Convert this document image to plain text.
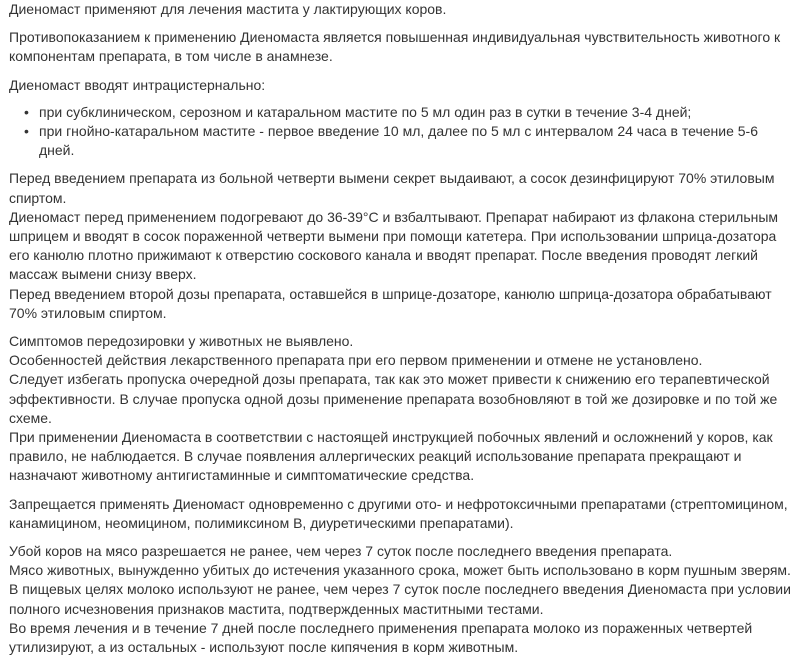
Диеномаст применяют для лечения мастита у лактирующих коров.

Противопоказанием к применению Диеномаста является повышенная индивидуальная чувствительность животного к компонентам препарата, в том числе в анамнезе.

Диеномаст вводят интрацистернально:

• при субклиническом, серозном и катаральном мастите по 5 мл один раз в сутки в течение 3-4 дней;
• при гнойно-катаральном мастите - первое введение 10 мл, далее по 5 мл с интервалом 24 часа в течение 5-6 дней.

Перед введением препарата из больной четверти вымени секрет выдаивают, а сосок дезинфицируют 70% этиловым спиртом.

Диеномаст перед применением подогревают до 36-39°С и взбалтывают. Препарат набирают из флакона стерильным шприцем и вводят в сосок пораженной четверти вымени при помощи катетера. При использовании шприца-дозатора его канюлю плотно прижимают к отверстию соскового канала и вводят препарат. После введения проводят легкий массаж вымени снизу вверх.

Перед введением второй дозы препарата, оставшейся в шприце-дозаторе, канюлю шприца-дозатора обрабатывают 70% этиловым спиртом.

Симптомов передозировки у животных не выявлено.

Особенностей действия лекарственного препарата при его первом применении и отмене не установлено.

Следует избегать пропуска очередной дозы препарата, так как это может привести к снижению его терапевтической эффективности. В случае пропуска одной дозы применение препарата возобновляют в той же дозировке и по той же схеме.

При применении Диеномаста в соответствии с настоящей инструкцией побочных явлений и осложнений у коров, как правило, не наблюдается. В случае появления аллергических реакций использование препарата прекращают и назначают животному антигистаминные и симптоматические средства.

Запрещается применять Диеномаст одновременно с другими ото- и нефротоксичными препаратами (стрептомицином, канамицином, неомицином, полимиксином В, диуретическими препаратами).

Убой коров на мясо разрешается не ранее, чем через 7 суток после последнего введения препарата.

Мясо животных, вынужденно убитых до истечения указанного срока, может быть использовано в корм пушным зверям.

В пищевых целях молоко используют не ранее, чем через 7 суток после последнего введения Диеномаста при условии полного исчезновения признаков мастита, подтвержденных маститными тестами.

Во время лечения и в течение 7 дней после последнего применения препарата молоко из пораженных четвертей утилизируют, а из остальных - используют после кипячения в корм животным.
